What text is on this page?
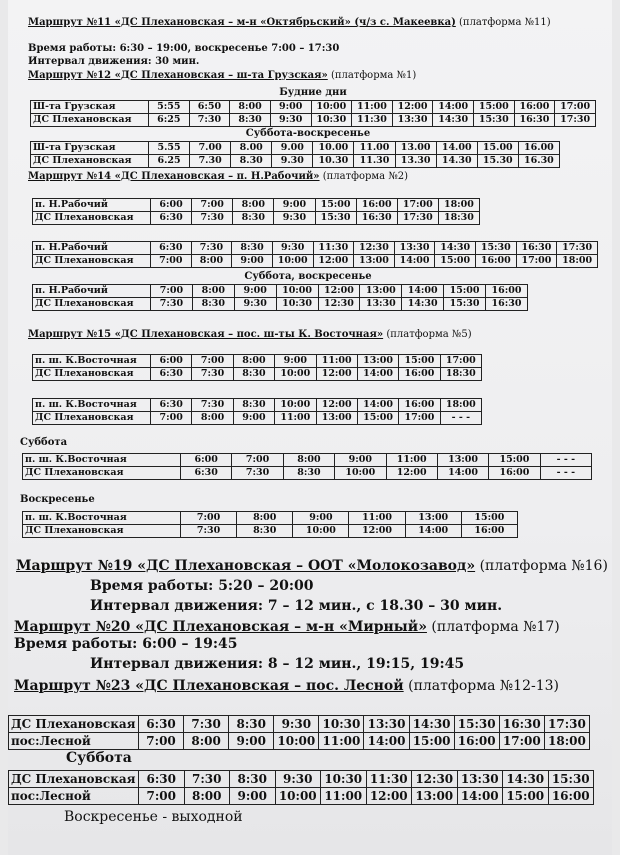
Маршрут №11 «ДС Плехановская – м-н «Октябрьский» (ч/з с. Макеевка) (платформа №11)
Время работы: 6:30 – 19:00, воскресенье 7:00 – 17:30
Интервал движения: 30 мин.
Маршрут №12 «ДС Плехановская – ш-та Грузская» (платформа №1)
Будние дни
Ш-та Грузская	5:55	6:50	8:00	9:00	10:00	11:00	12:00	14:00	15:00	16:00	17:00
ДС Плехановская	6:25	7:30	8:30	9:30	10:30	11:30	13:30	14:30	15:30	16:30	17:30
Суббота-воскресенье
Ш-та Грузская	5.55	7.00	8.00	9.00	10.00	11.00	13.00	14.00	15.00	16.00
ДС Плехановская	6.25	7.30	8.30	9.30	10.30	11.30	13.30	14.30	15.30	16.30
Маршрут №14 «ДС Плехановская – п. Н.Рабочий» (платформа №2)
п. Н.Рабочий	6:00	7:00	8:00	9:00	15:00	16:00	17:00	18:00
ДС Плехановская	6:30	7:30	8:30	9:30	15:30	16:30	17:30	18:30
п. Н.Рабочий	6:30	7:30	8:30	9:30	11:30	12:30	13:30	14:30	15:30	16:30	17:30
ДС Плехановская	7:00	8:00	9:00	10:00	12:00	13:00	14:00	15:00	16:00	17:00	18:00
Суббота, воскресенье
п. Н.Рабочий	7:00	8:00	9:00	10:00	12:00	13:00	14:00	15:00	16:00
ДС Плехановская	7:30	8:30	9:30	10:30	12:30	13:30	14:30	15:30	16:30
Маршрут №15 «ДС Плехановская – пос. ш-ты К. Восточная» (платформа №5)
п. ш. К.Восточная	6:00	7:00	8:00	9:00	11:00	13:00	15:00	17:00
ДС Плехановская	6:30	7:30	8:30	10:00	12:00	14:00	16:00	18:30
п. ш. К.Восточная	6:30	7:30	8:30	10:00	12:00	14:00	16:00	18:00
ДС Плехановская	7:00	8:00	9:00	11:00	13:00	15:00	17:00	- - -
Суббота
п. ш. К.Восточная	6:00	7:00	8:00	9:00	11:00	13:00	15:00	- - -
ДС Плехановская	6:30	7:30	8:30	10:00	12:00	14:00	16:00	- - -
Воскресенье
п. ш. К.Восточная	7:00	8:00	9:00	11:00	13:00	15:00
ДС Плехановская	7:30	8:30	10:00	12:00	14:00	16:00
Маршрут №19 «ДС Плехановская – ООТ «Молокозавод» (платформа №16)
Время работы: 5:20 – 20:00
Интервал движения: 7 – 12 мин., с 18.30 – 30 мин.
Маршрут №20 «ДС Плехановская – м-н «Мирный» (платформа №17)
Время работы: 6:00 – 19:45
Интервал движения: 8 – 12 мин., 19:15, 19:45
Маршрут №23 «ДС Плехановская – пос. Лесной (платформа №12-13)
ДС Плехановская	6:30	7:30	8:30	9:30	10:30	13:30	14:30	15:30	16:30	17:30
пос:Лесной	7:00	8:00	9:00	10:00	11:00	14:00	15:00	16:00	17:00	18:00
Суббота
ДС Плехановская	6:30	7:30	8:30	9:30	10:30	11:30	12:30	13:30	14:30	15:30
пос:Лесной	7:00	8:00	9:00	10:00	11:00	12:00	13:00	14:00	15:00	16:00
Воскресенье - выходной
